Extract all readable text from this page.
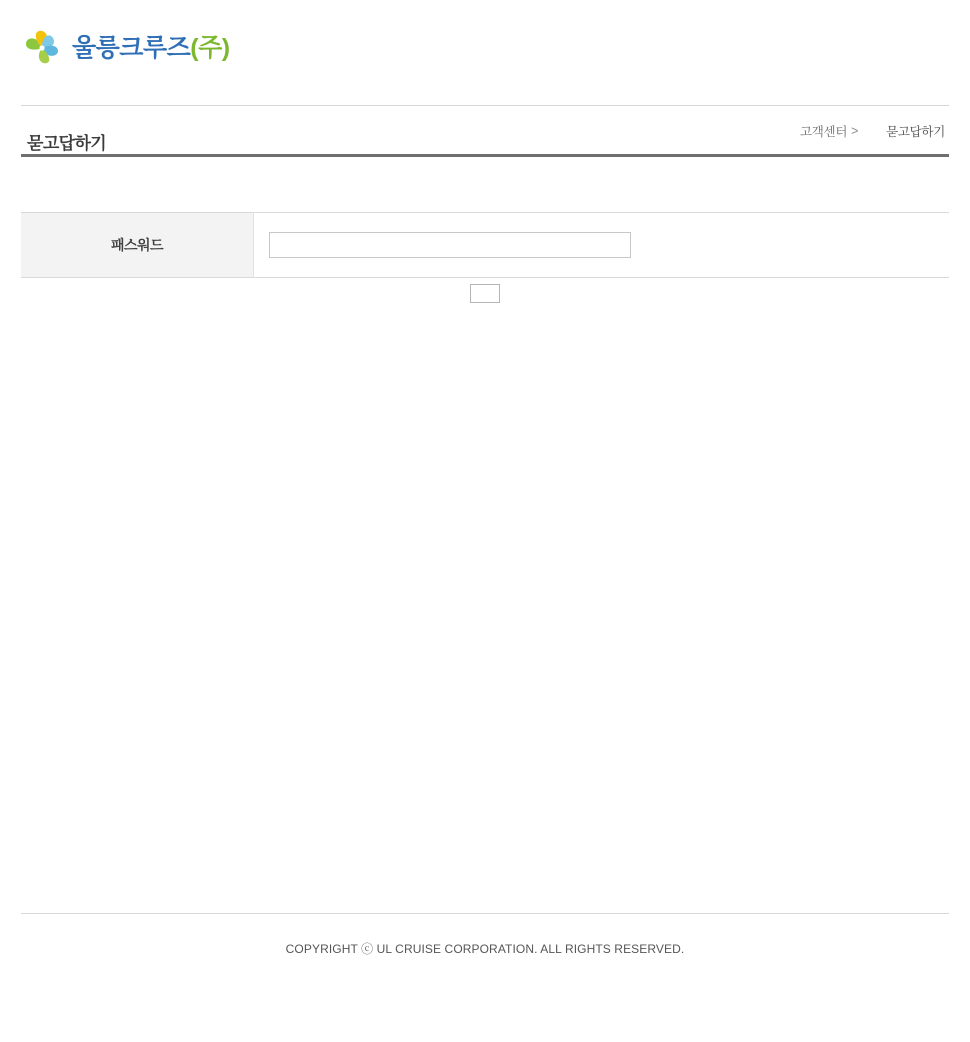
울릉크루즈(주)
묻고답하기
고객센터 > 묻고답하기
패스워드	

COPYRIGHT ⓒ UL CRUISE CORPORATION. ALL RIGHTS RESERVED.
